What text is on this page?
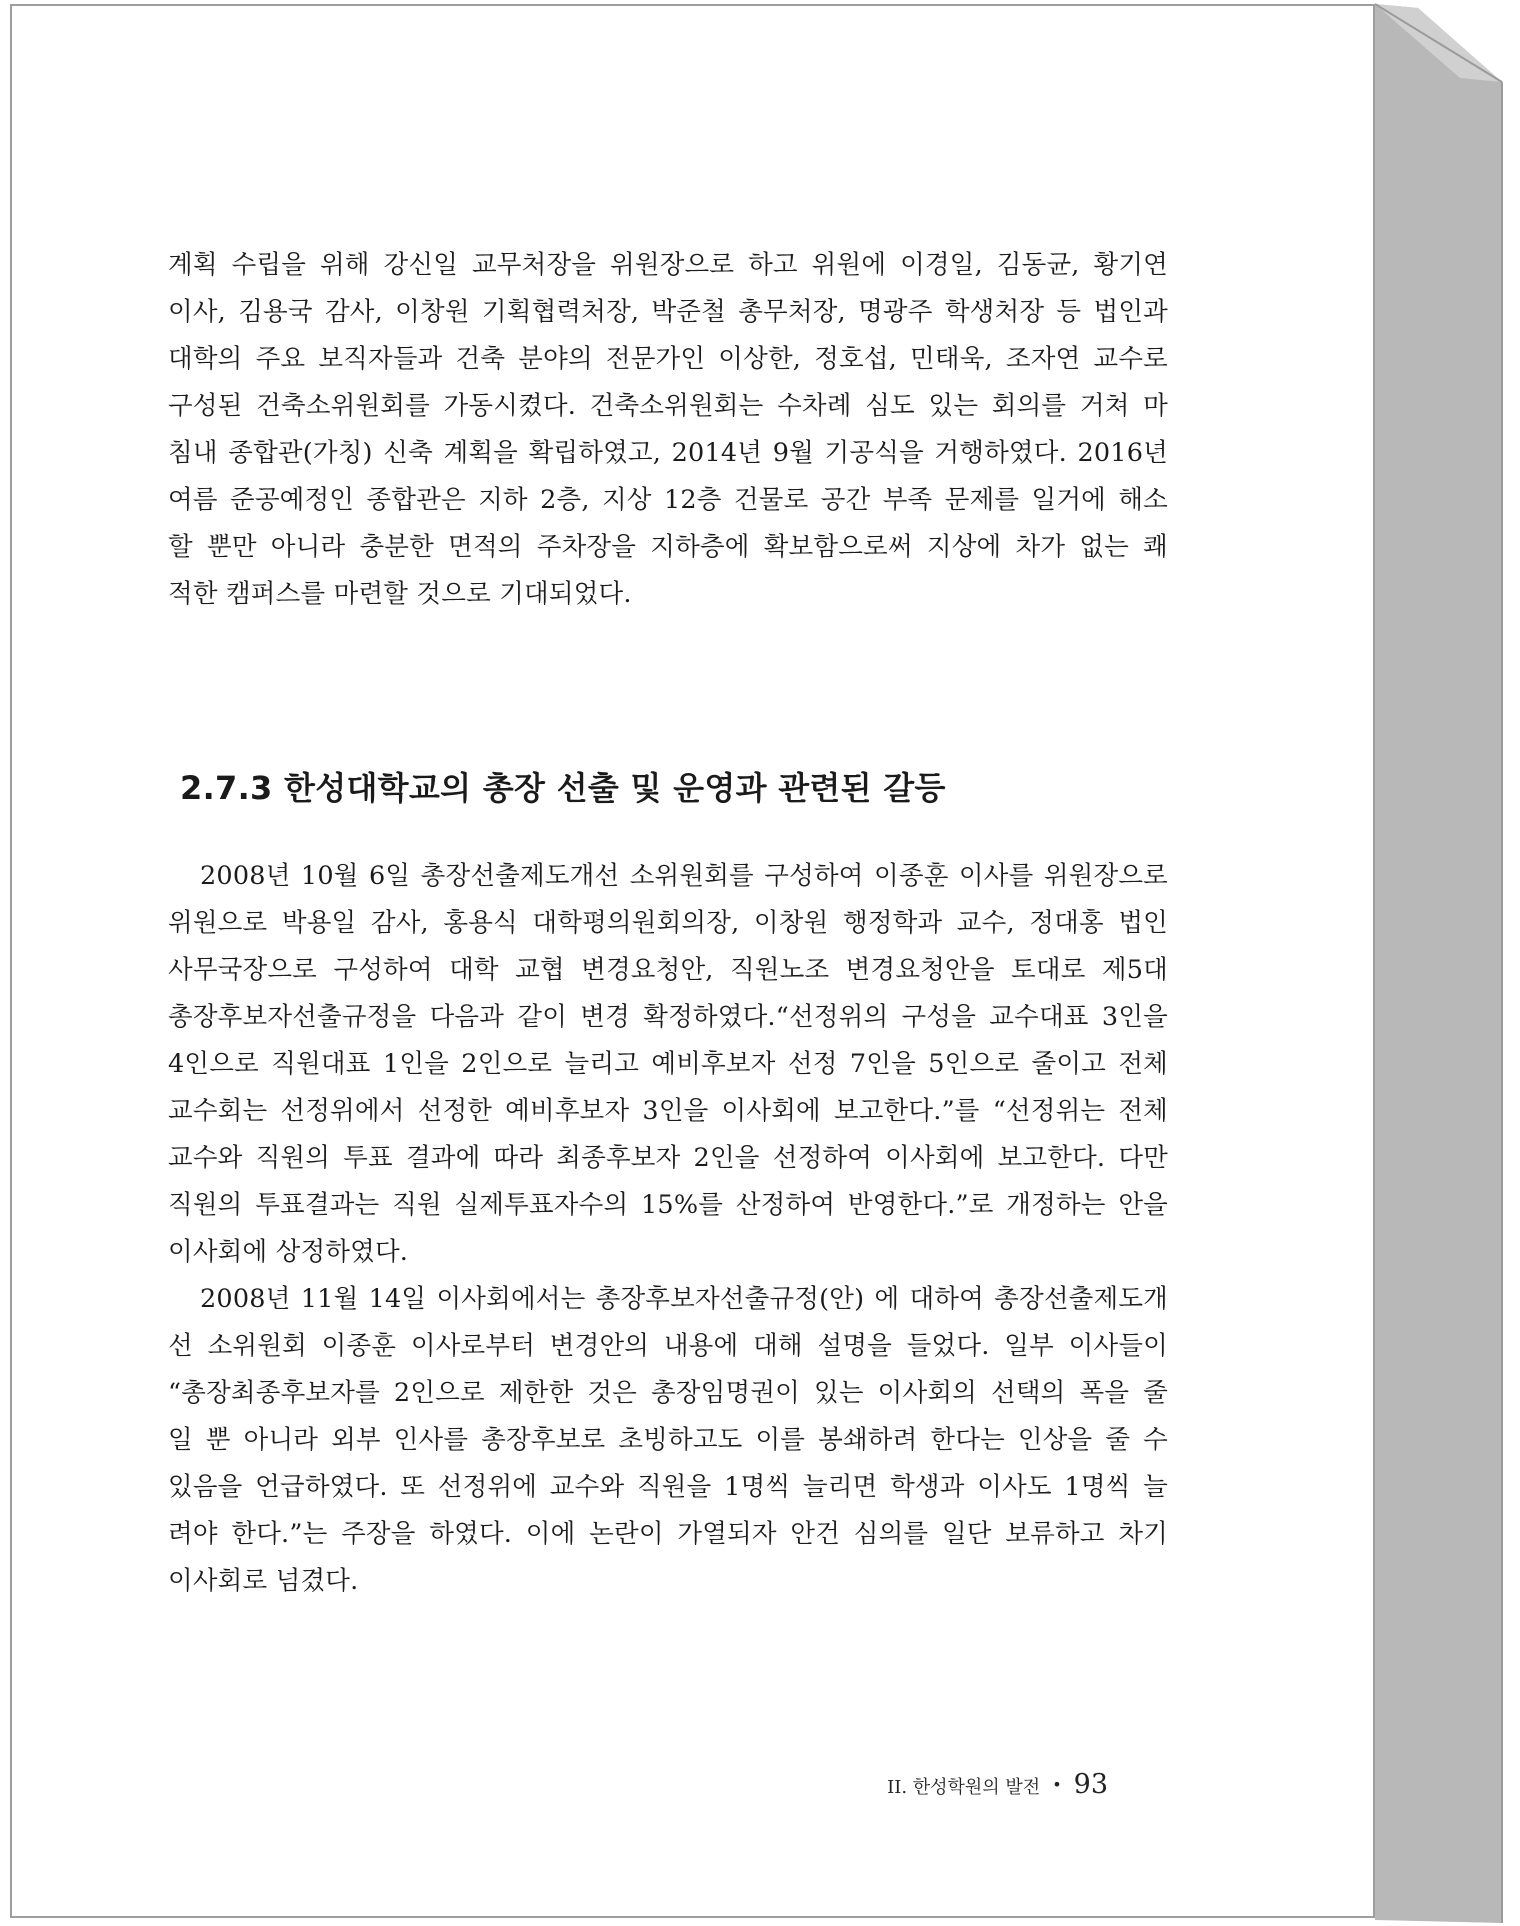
계획 수립을 위해 강신일 교무처장을 위원장으로 하고 위원에 이경일, 김동균, 황기연
이사, 김용국 감사, 이창원 기획협력처장, 박준철 총무처장, 명광주 학생처장 등 법인과
대학의 주요 보직자들과 건축 분야의 전문가인 이상한, 정호섭, 민태욱, 조자연 교수로
구성된 건축소위원회를 가동시켰다. 건축소위원회는 수차례 심도 있는 회의를 거쳐 마
침내 종합관(가칭) 신축 계획을 확립하였고, 2014년 9월 기공식을 거행하였다. 2016년
여름 준공예정인 종합관은 지하 2층, 지상 12층 건물로 공간 부족 문제를 일거에 해소
할 뿐만 아니라 충분한 면적의 주차장을 지하층에 확보함으로써 지상에 차가 없는 쾌
적한 캠퍼스를 마련할 것으로 기대되었다.
2.7.3 한성대학교의 총장 선출 및 운영과 관련된 갈등
2008년 10월 6일 총장선출제도개선 소위원회를 구성하여 이종훈 이사를 위원장으로
위원으로 박용일 감사, 홍용식 대학평의원회의장, 이창원 행정학과 교수, 정대홍 법인
사무국장으로 구성하여 대학 교협 변경요청안, 직원노조 변경요청안을 토대로 제5대
총장후보자선출규정을 다음과 같이 변경 확정하였다.“선정위의 구성을 교수대표 3인을
4인으로 직원대표 1인을 2인으로 늘리고 예비후보자 선정 7인을 5인으로 줄이고 전체
교수회는 선정위에서 선정한 예비후보자 3인을 이사회에 보고한다.”를 “선정위는 전체
교수와 직원의 투표 결과에 따라 최종후보자 2인을 선정하여 이사회에 보고한다. 다만
직원의 투표결과는 직원 실제투표자수의 15%를 산정하여 반영한다.”로 개정하는 안을
이사회에 상정하였다.
2008년 11월 14일 이사회에서는 총장후보자선출규정(안) 에 대하여 총장선출제도개
선 소위원회 이종훈 이사로부터 변경안의 내용에 대해 설명을 들었다. 일부 이사들이
“총장최종후보자를 2인으로 제한한 것은 총장임명권이 있는 이사회의 선택의 폭을 줄
일 뿐 아니라 외부 인사를 총장후보로 초빙하고도 이를 봉쇄하려 한다는 인상을 줄 수
있음을 언급하였다. 또 선정위에 교수와 직원을 1명씩 늘리면 학생과 이사도 1명씩 늘
려야 한다.”는 주장을 하였다. 이에 논란이 가열되자 안건 심의를 일단 보류하고 차기
이사회로 넘겼다.
II. 한성학원의 발전 • 93
